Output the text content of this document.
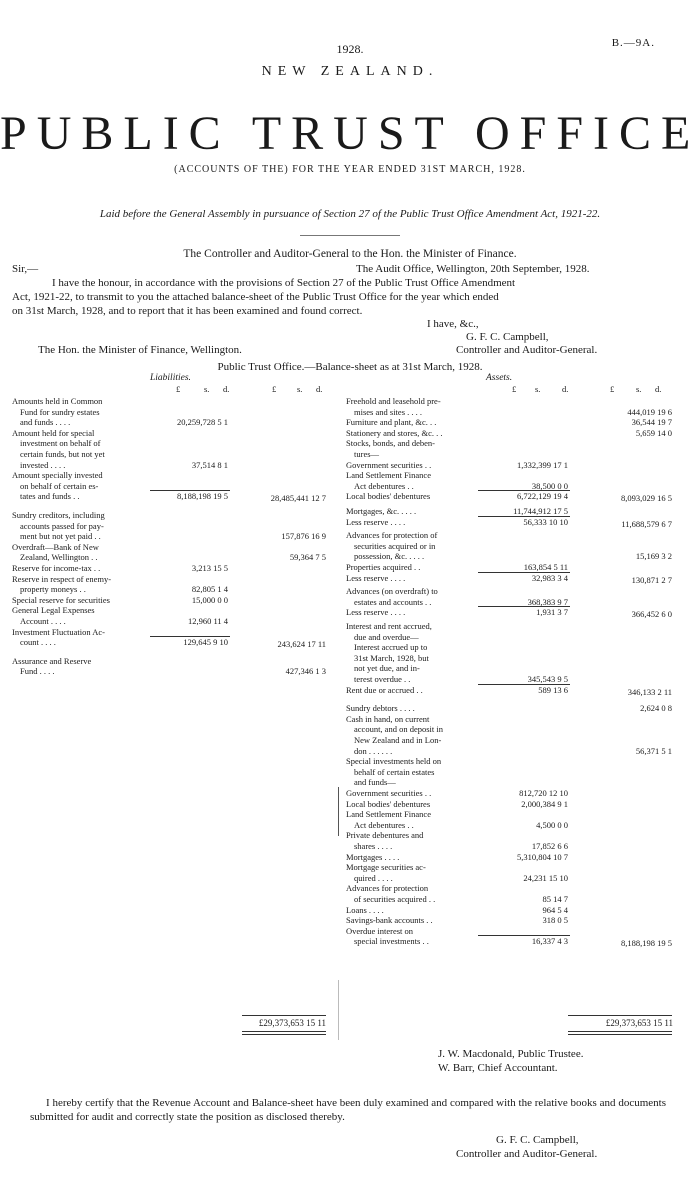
B.—9A.
1928.
NEW ZEALAND.
PUBLIC TRUST OFFICE
(ACCOUNTS OF THE) FOR THE YEAR ENDED 31ST MARCH, 1928.
Laid before the General Assembly in pursuance of Section 27 of the Public Trust Office Amendment Act, 1921-22.
The Controller and Auditor-General to the Hon. the Minister of Finance.
Sir,—	The Audit Office, Wellington, 20th September, 1928.
I have the honour, in accordance with the provisions of Section 27 of the Public Trust Office Amendment
Act, 1921-22, to transmit to you the attached balance-sheet of the Public Trust Office for the year which ended
on 31st March, 1928, and to report that it has been examined and found correct.
I have, &c.,
G. F. C. Campbell,
The Hon. the Minister of Finance, Wellington.	Controller and Auditor-General.
Public Trust Office.—Balance-sheet as at 31st March, 1928.
Liabilities.	Assets.
£	s. d.	£ s. d.	£ s.	d.	£	s. d.
Amounts held in Common
Fund for sundry estates
and funds . . . .	20,259,728 5 1
Amount held for special
investment on behalf of
certain funds, but not yet
invested . . . .	37,514 8 1
Amount specially invested
on behalf of certain es-
tates and funds . .	8,188,198 19 5	28,485,441 12 7
Sundry creditors, including
accounts passed for pay-
ment but not yet paid . .	157,876 16 9
Overdraft—Bank of New
Zealand, Wellington . .	59,364 7 5
Reserve for income-tax . .	3,213 15 5
Reserve in respect of enemy-
property moneys . .	82,805 1 4
Special reserve for securities	15,000 0 0
General Legal Expenses
Account . . . .	12,960 11 4
Investment Fluctuation Ac-
count . . . .	129,645 9 10	243,624 17 11
Assurance and Reserve
Fund . . . .	427,346 1 3
Freehold and leasehold pre-
mises and sites . . . .	444,019 19 6
Furniture and plant, &c. . .	36,544 19 7
Stationery and stores, &c. . .	5,659 14 0
Stocks, bonds, and deben-
tures—
Government securities . .	1,332,399 17 1
Land Settlement Finance
Act debentures . .	38,500 0 0
Local bodies' debentures	6,722,129 19 4	8,093,029 16 5
Mortgages, &c. . . . .	11,744,912 17 5
Less reserve . . . .	56,333 10 10	11,688,579 6 7
Advances for protection of
securities acquired or in
possession, &c. . . . .	15,169 3 2
Properties acquired . .	163,854 5 11
Less reserve . . . .	32,983 3 4	130,871 2 7
Advances (on overdraft) to
estates and accounts . .	368,383 9 7
Less reserve . . . .	1,931 3 7	366,452 6 0
Interest and rent accrued,
due and overdue—
Interest accrued up to
31st March, 1928, but
not yet due, and in-
terest overdue . .	345,543 9 5
Rent due or accrued . .	589 13 6	346,133 2 11
Sundry debtors . . . .	2,624 0 8
Cash in hand, on current
account, and on deposit in
New Zealand and in Lon-
don . . . . . .	56,371 5 1
Special investments held on
behalf of certain estates
and funds—
Government securities . .	812,720 12 10
Local bodies' debentures	2,000,384 9 1
Land Settlement Finance
Act debentures . .	4,500 0 0
Private debentures and
shares . . . .	17,852 6 6
Mortgages . . . .	5,310,804 10 7
Mortgage securities ac-
quired . . . .	24,231 15 10
Advances for protection
of securities acquired . .	85 14 7
Loans . . . .	964 5 4
Savings-bank accounts . .	318 0 5
Overdue interest on
special investments . .	16,337 4 3	8,188,198 19 5
£29,373,653 15 11	£29,373,653 15 11
J. W. Macdonald, Public Trustee.
W. Barr, Chief Accountant.
I hereby certify that the Revenue Account and Balance-sheet have been duly examined and compared with the relative books and documents submitted for audit and correctly state the position as disclosed thereby.
G. F. C. Campbell,
Controller and Auditor-General.
